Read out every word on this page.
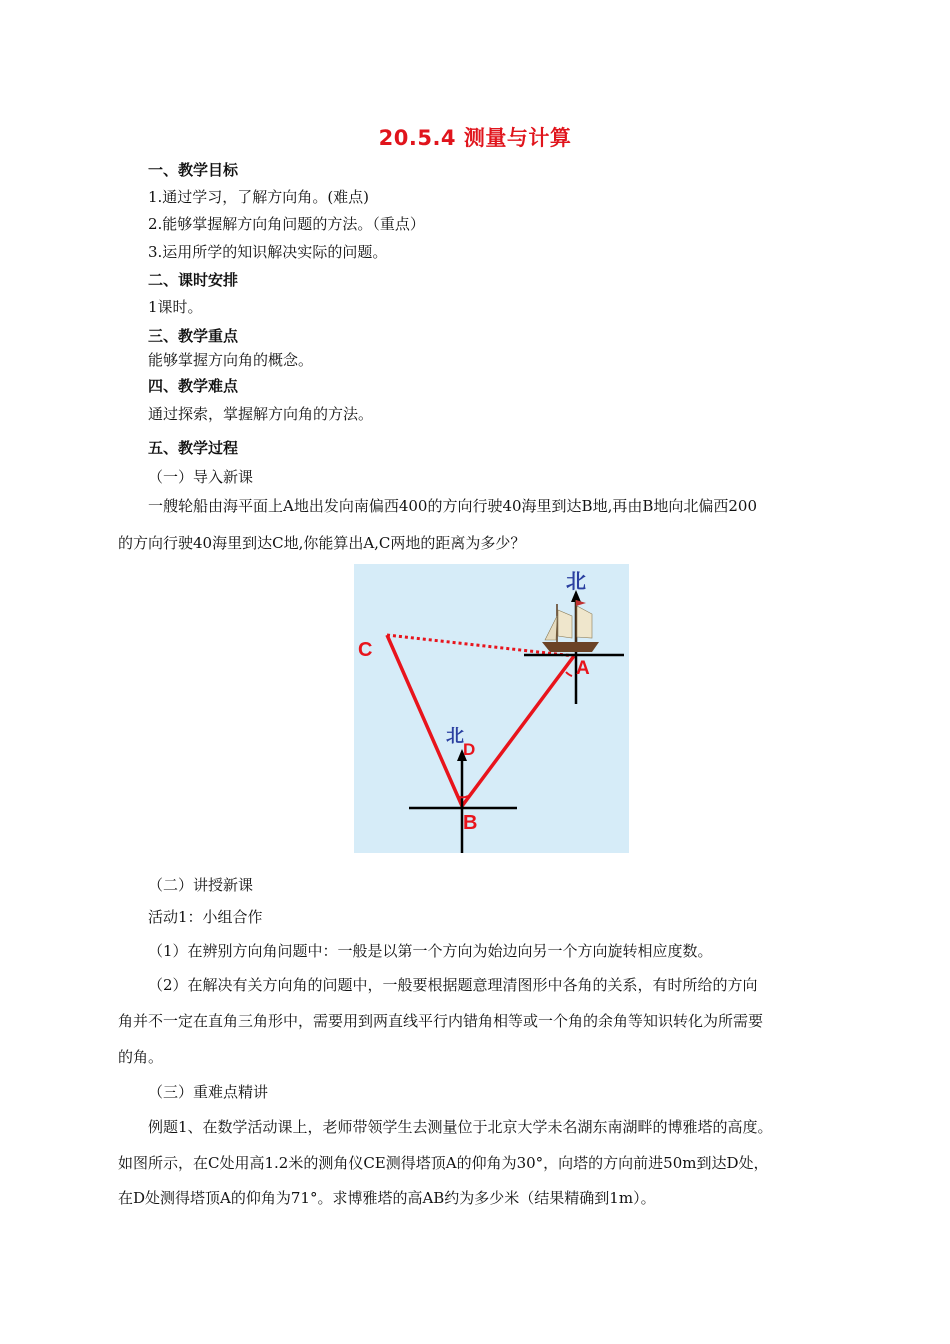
20.5.4 测量与计算
一、教学目标
1.通过学习，了解方向角。(难点)
2.能够掌握解方向角问题的方法。（重点）
3.运用所学的知识解决实际的问题。
二、课时安排
1课时。
三、教学重点
能够掌握方向角的概念。
四、教学难点
通过探索，掌握解方向角的方法。
五、教学过程
（一）导入新课
一艘轮船由海平面上A地出发向南偏西400的方向行驶40海里到达B地,再由B地向北偏西200
的方向行驶40海里到达C地,你能算出A,C两地的距离为多少？
北
北
C
A
D
B
（二）讲授新课
活动1：小组合作
（1）在辨别方向角问题中：一般是以第一个方向为始边向另一个方向旋转相应度数。
（2）在解决有关方向角的问题中，一般要根据题意理清图形中各角的关系，有时所给的方向
角并不一定在直角三角形中，需要用到两直线平行内错角相等或一个角的余角等知识转化为所需要
的角。
（三）重难点精讲
例题1、在数学活动课上，老师带领学生去测量位于北京大学未名湖东南湖畔的博雅塔的高度。
如图所示，在C处用高1.2米的测角仪CE测得塔顶A的仰角为30°，向塔的方向前进50m到达D处，
在D处测得塔顶A的仰角为71°。求博雅塔的高AB约为多少米（结果精确到1m）。
